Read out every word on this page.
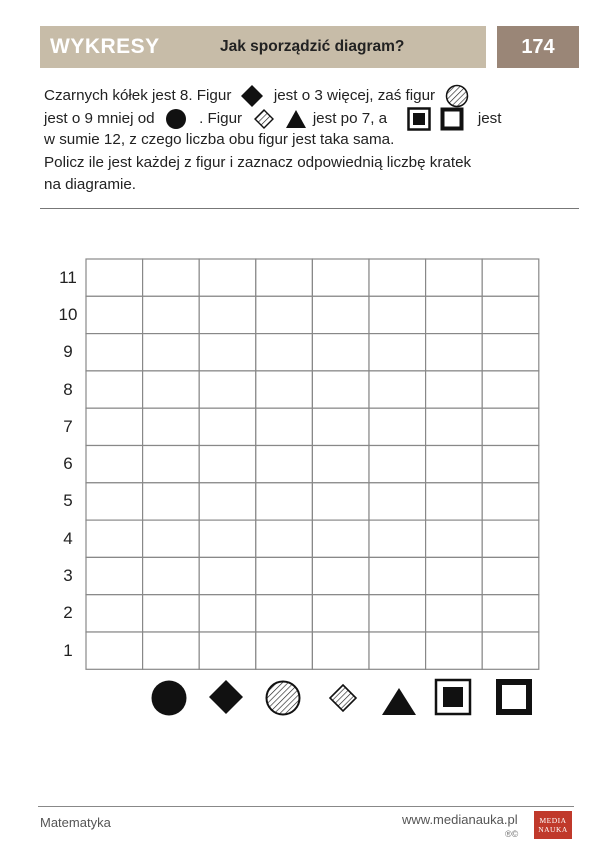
WYKRESY	Jak sporządzić diagram?	174
Czarnych kółek jest 8. Figur	jest o 3 więcej, zaś figur
jest o 9 mniej od	. Figur	jest po 7, a	jest
w sumie 12, z czego liczba obu figur jest taka sama.
Policz ile jest każdej z figur i zaznacz odpowiednią liczbę kratek
na diagramie.
11
10
9
8
7
6
5
4
3
2
1
Matematyka	www.medianauka.pl
®©
MEDIA
NAUKA
